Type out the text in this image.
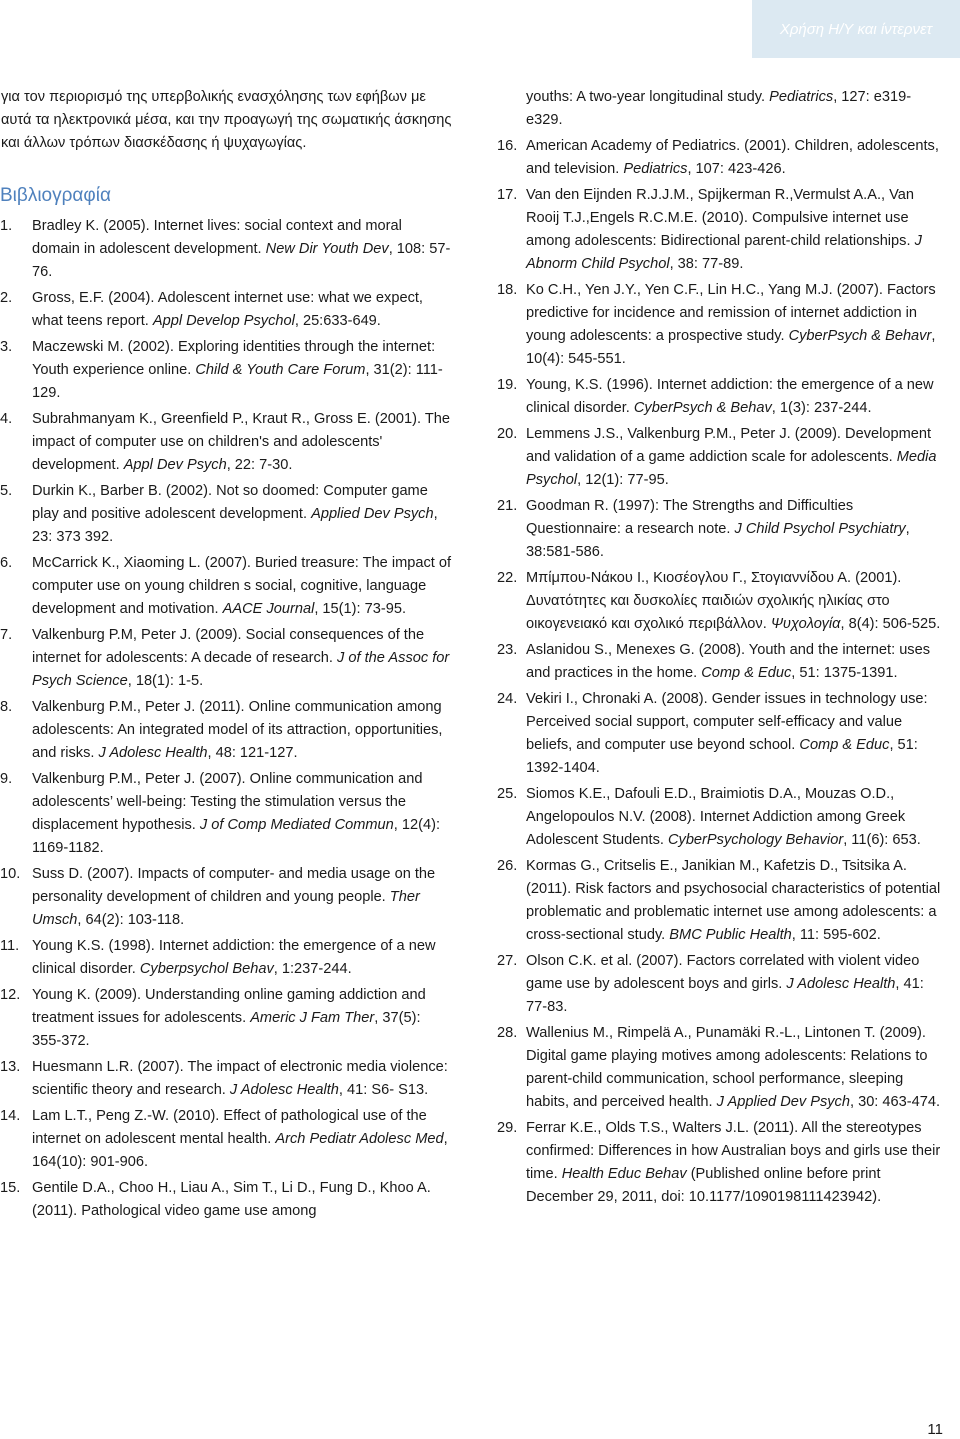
Χρήση Η/Υ και ίντερνετ

για τον περιορισμό της υπερβολικής ενασχόλησης των εφήβων με αυτά τα ηλεκτρονικά μέσα, και την προαγωγή της σωματικής άσκησης και άλλων τρόπων διασκέδασης ή ψυχαγωγίας.

Βιβλιογραφία
1.	Bradley K. (2005). Internet lives: social context and moral domain in adolescent development. New Dir Youth Dev, 108: 57-76.
2.	Gross, E.F. (2004). Adolescent internet use: what we expect, what teens report. Appl Develop Psychol, 25:633-649.
3.	Maczewski M. (2002). Exploring identities through the internet: Youth experience online. Child & Youth Care Forum, 31(2): 111-129.
4.	Subrahmanyam K., Greenfield P., Kraut R., Gross E. (2001). The impact of computer use on children's and adolescents' development. Appl Dev Psych, 22: 7-30.
5.	Durkin K., Barber B. (2002). Not so doomed: Computer game play and positive adolescent development. Applied Dev Psych, 23: 373 392.
6.	McCarrick K., Xiaoming L. (2007). Buried treasure: The impact of computer use on young children s social, cognitive, language development and motivation. AACE Journal, 15(1): 73-95.
7.	Valkenburg P.M, Peter J. (2009). Social consequences of the internet for adolescents: A decade of research. J of the Assoc for Psych Science, 18(1): 1-5.
8.	Valkenburg P.M., Peter J. (2011). Online communication among adolescents: An integrated model of its attraction, opportunities, and risks. J Adolesc Health, 48: 121-127.
9.	Valkenburg P.M., Peter J. (2007). Online communication and adolescents’ well-being: Testing the stimulation versus the displacement hypothesis. J of Comp Mediated Commun, 12(4): 1169-1182.
10. Suss D. (2007). Impacts of computer- and media usage on the personality development of children and young people. Ther Umsch, 64(2): 103-118.
11. Young K.S. (1998). Internet addiction: the emergence of a new clinical disorder. Cyberpsychol Behav, 1:237-244.
12. Young K. (2009). Understanding online gaming addiction and treatment issues for adolescents. Americ J Fam Ther, 37(5): 355-372.
13. Huesmann L.R. (2007). The impact of electronic media violence: scientific theory and research. J Adolesc Health, 41: S6- S13.
14. Lam L.T., Peng Z.-W. (2010). Effect of pathological use of the internet on adolescent mental health. Arch Pediatr Adolesc Med, 164(10): 901-906.
15. Gentile D.A., Choo H., Liau A., Sim T., Li D., Fung D., Khoo A. (2011). Pathological video game use among
youths: A two-year longitudinal study. Pediatrics, 127: e319-e329.
16. American Academy of Pediatrics. (2001). Children, adolescents, and television. Pediatrics, 107: 423-426.
17. Van den Eijnden R.J.J.M., Spijkerman R.,Vermulst A.A., Van Rooij T.J.,Engels R.C.M.E. (2010). Compulsive internet use among adolescents: Bidirectional parent-child relationships. J Abnorm Child Psychol, 38: 77-89.
18. Ko C.H., Yen J.Y., Yen C.F., Lin H.C., Yang M.J. (2007). Factors predictive for incidence and remission of internet addiction in young adolescents: a prospective study. CyberPsych & Behavr, 10(4): 545-551.
19. Young, K.S. (1996). Internet addiction: the emergence of a new clinical disorder. CyberPsych & Behav, 1(3): 237-244.
20. Lemmens J.S., Valkenburg P.M., Peter J. (2009). Development and validation of a game addiction scale for adolescents. Media Psychol, 12(1): 77-95.
21. Goodman R. (1997): The Strengths and Difficulties Questionnaire: a research note. J Child Psychol Psychiatry, 38:581-586.
22. Μπίμπου-Νάκου Ι., Κιοσέογλου Γ., Στογιαννίδου Α. (2001). Δυνατότητες και δυσκολίες παιδιών σχολικής ηλικίας στο οικογενειακό και σχολικό περιβάλλον. Ψυχολογία, 8(4): 506-525.
23. Aslanidou S., Menexes G. (2008). Youth and the internet: uses and practices in the home. Comp & Educ, 51: 1375-1391.
24. Vekiri I., Chronaki A. (2008). Gender issues in technology use: Perceived social support, computer self-efficacy and value beliefs, and computer use beyond school. Comp & Educ, 51: 1392-1404.
25. Siomos K.E., Dafouli E.D., Braimiotis D.A., Mouzas O.D., Angelopoulos N.V. (2008). Internet Addiction among Greek Adolescent Students. CyberPsychology Behavior, 11(6): 653.
26. Kormas G., Critselis E., Janikian M., Kafetzis D., Tsitsika A. (2011). Risk factors and psychosocial characteristics of potential problematic and problematic internet use among adolescents: a cross-sectional study. BMC Public Health, 11: 595-602.
27. Olson C.K. et al. (2007). Factors correlated with violent video game use by adolescent boys and girls. J Adolesc Health, 41: 77-83.
28. Wallenius M., Rimpelä A., Punamäki R.-L., Lintonen T. (2009). Digital game playing motives among adolescents: Relations to parent-child communication, school performance, sleeping habits, and perceived health. J Applied Dev Psych, 30: 463-474.
29. Ferrar K.E., Olds T.S., Walters J.L. (2011). All the stereotypes confirmed: Differences in how Australian boys and girls use their time. Health Educ Behav (Published online before print December 29, 2011, doi: 10.1177/1090198111423942).
11
